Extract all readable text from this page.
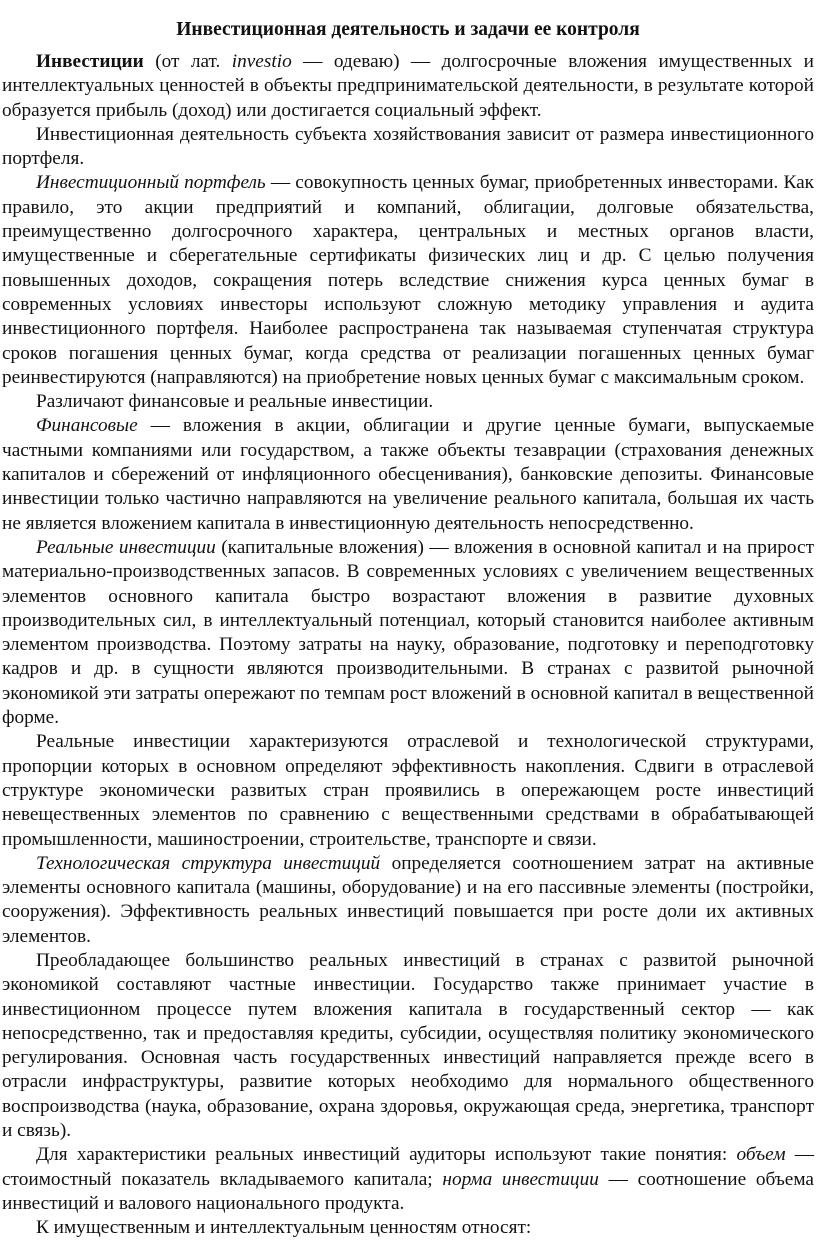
Инвестиционная деятельность и задачи ее контроля

Инвестиции (от лат. investio — одеваю) — долгосрочные вложения имущественных и интеллектуальных ценностей в объекты предпринимательской деятельности, в результате которой образуется прибыль (доход) или достигается социальный эффект.

Инвестиционная деятельность субъекта хозяйствования зависит от размера инвестиционного портфеля.

Инвестиционный портфель — совокупность ценных бумаг, приобретенных инвесторами. Как правило, это акции предприятий и компаний, облигации, долговые обязательства, преимущественно долгосрочного характера, центральных и местных органов власти, имущественные и сберегательные сертификаты физических лиц и др. С целью получения повышенных доходов, сокращения потерь вследствие снижения курса ценных бумаг в современных условиях инвесторы используют сложную методику управления и аудита инвестиционного портфеля. Наиболее распространена так называемая ступенчатая структура сроков погашения ценных бумаг, когда средства от реализации погашенных ценных бумаг реинвестируются (направляются) на приобретение новых ценных бумаг с максимальным сроком.

Различают финансовые и реальные инвестиции.

Финансовые — вложения в акции, облигации и другие ценные бумаги, выпускаемые частными компаниями или государством, а также объекты тезаврации (страхования денежных капиталов и сбережений от инфляционного обесценивания), банковские депозиты. Финансовые инвестиции только частично направляются на увеличение реального капитала, большая их часть не является вложением капитала в инвестиционную деятельность непосредственно.

Реальные инвестиции (капитальные вложения) — вложения в основной капитал и на прирост материально-производственных запасов. В современных условиях с увеличением вещественных элементов основного капитала быстро возрастают вложения в развитие духовных производительных сил, в интеллектуальный потенциал, который становится наиболее активным элементом производства. Поэтому затраты на науку, образование, подготовку и переподготовку кадров и др. в сущности являются производительными. В странах с развитой рыночной экономикой эти затраты опережают по темпам рост вложений в основной капитал в вещественной форме.

Реальные инвестиции характеризуются отраслевой и технологической структурами, пропорции которых в основном определяют эффективность накопления. Сдвиги в отраслевой структуре экономически развитых стран проявились в опережающем росте инвестиций невещественных элементов по сравнению с вещественными средствами в обрабатывающей промышленности, машиностроении, строительстве, транспорте и связи.

Технологическая структура инвестиций определяется соотношением затрат на активные элементы основного капитала (машины, оборудование) и на его пассивные элементы (постройки, сооружения). Эффективность реальных инвестиций повышается при росте доли их активных элементов.

Преобладающее большинство реальных инвестиций в странах с развитой рыночной экономикой составляют частные инвестиции. Государство также принимает участие в инвестиционном процессе путем вложения капитала в государственный сектор — как непосредственно, так и предоставляя кредиты, субсидии, осуществляя политику экономического регулирования. Основная часть государственных инвестиций направляется прежде всего в отрасли инфраструктуры, развитие которых необходимо для нормального общественного воспроизводства (наука, образование, охрана здоровья, окружающая среда, энергетика, транспорт и связь).

Для характеристики реальных инвестиций аудиторы используют такие понятия: объем — стоимостный показатель вкладываемого капитала; норма инвестиции — соотношение объема инвестиций и валового национального продукта.

К имущественным и интеллектуальным ценностям относят:
